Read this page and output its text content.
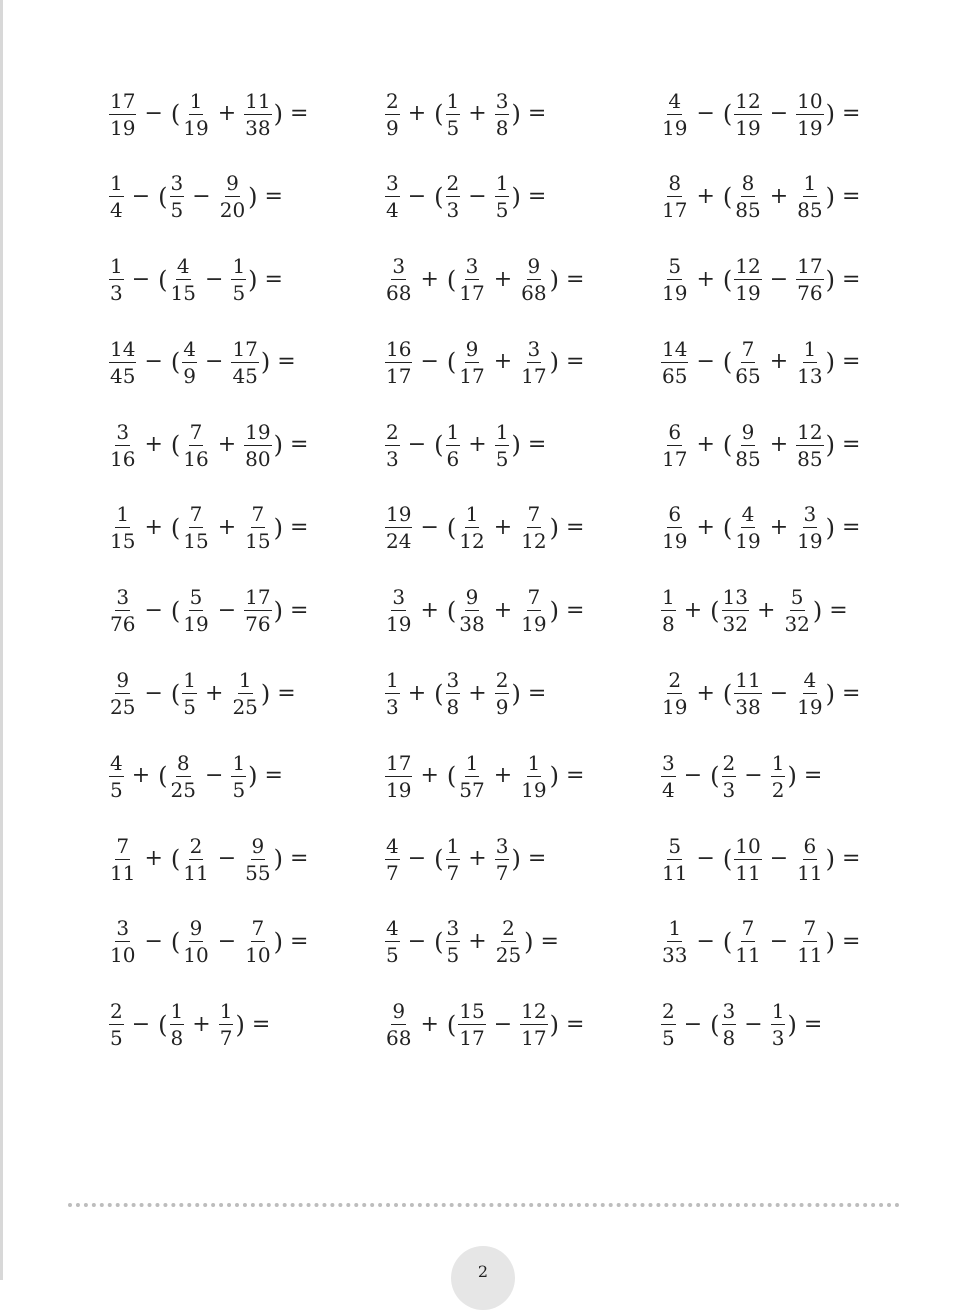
$\frac{17}{19}$ − ( $\frac{1}{19} + \frac{11}{38}$ ) =	$\frac{2}{9}$ + ( $\frac{1}{5} + \frac{3}{8}$ ) =	$\frac{4}{19}$ − ( $\frac{12}{19} - \frac{10}{19}$ ) =
$\frac{1}{4}$ − ( $\frac{3}{5} - \frac{9}{20}$ ) =	$\frac{3}{4}$ − ( $\frac{2}{3} - \frac{1}{5}$ ) =	$\frac{8}{17}$ + ( $\frac{8}{85} + \frac{1}{85}$ ) =
$\frac{1}{3}$ − ( $\frac{4}{15} - \frac{1}{5}$ ) =	$\frac{3}{68}$ + ( $\frac{3}{17} + \frac{9}{68}$ ) =	$\frac{5}{19}$ + ( $\frac{12}{19} - \frac{17}{76}$ ) =
$\frac{14}{45}$ − ( $\frac{4}{9} - \frac{17}{45}$ ) =	$\frac{16}{17}$ − ( $\frac{9}{17} + \frac{3}{17}$ ) =	$\frac{14}{65}$ − ( $\frac{7}{65} + \frac{1}{13}$ ) =
$\frac{3}{16}$ + ( $\frac{7}{16} + \frac{19}{80}$ ) =	$\frac{2}{3}$ − ( $\frac{1}{6} + \frac{1}{5}$ ) =	$\frac{6}{17}$ + ( $\frac{9}{85} + \frac{12}{85}$ ) =
$\frac{1}{15}$ + ( $\frac{7}{15} + \frac{7}{15}$ ) =	$\frac{19}{24}$ − ( $\frac{1}{12} + \frac{7}{12}$ ) =	$\frac{6}{19}$ + ( $\frac{4}{19} + \frac{3}{19}$ ) =
$\frac{3}{76}$ − ( $\frac{5}{19} - \frac{17}{76}$ ) =	$\frac{3}{19}$ + ( $\frac{9}{38} + \frac{7}{19}$ ) =	$\frac{1}{8}$ + ( $\frac{13}{32} + \frac{5}{32}$ ) =
$\frac{9}{25}$ − ( $\frac{1}{5} + \frac{1}{25}$ ) =	$\frac{1}{3}$ + ( $\frac{3}{8} + \frac{2}{9}$ ) =	$\frac{2}{19}$ + ( $\frac{11}{38} - \frac{4}{19}$ ) =
$\frac{4}{5}$ + ( $\frac{8}{25} - \frac{1}{5}$ ) =	$\frac{17}{19}$ + ( $\frac{1}{57} + \frac{1}{19}$ ) =	$\frac{3}{4}$ − ( $\frac{2}{3} - \frac{1}{2}$ ) =
$\frac{7}{11}$ + ( $\frac{2}{11} - \frac{9}{55}$ ) =	$\frac{4}{7}$ − ( $\frac{1}{7} + \frac{3}{7}$ ) =	$\frac{5}{11}$ − ( $\frac{10}{11} - \frac{6}{11}$ ) =
$\frac{3}{10}$ − ( $\frac{9}{10} - \frac{7}{10}$ ) =	$\frac{4}{5}$ − ( $\frac{3}{5} + \frac{2}{25}$ ) =	$\frac{1}{33}$ − ( $\frac{7}{11} - \frac{7}{11}$ ) =
$\frac{2}{5}$ − ( $\frac{1}{8} + \frac{1}{7}$ ) =	$\frac{9}{68}$ + ( $\frac{15}{17} - \frac{12}{17}$ ) =	$\frac{2}{5}$ − ( $\frac{3}{8} - \frac{1}{3}$ ) =
2
